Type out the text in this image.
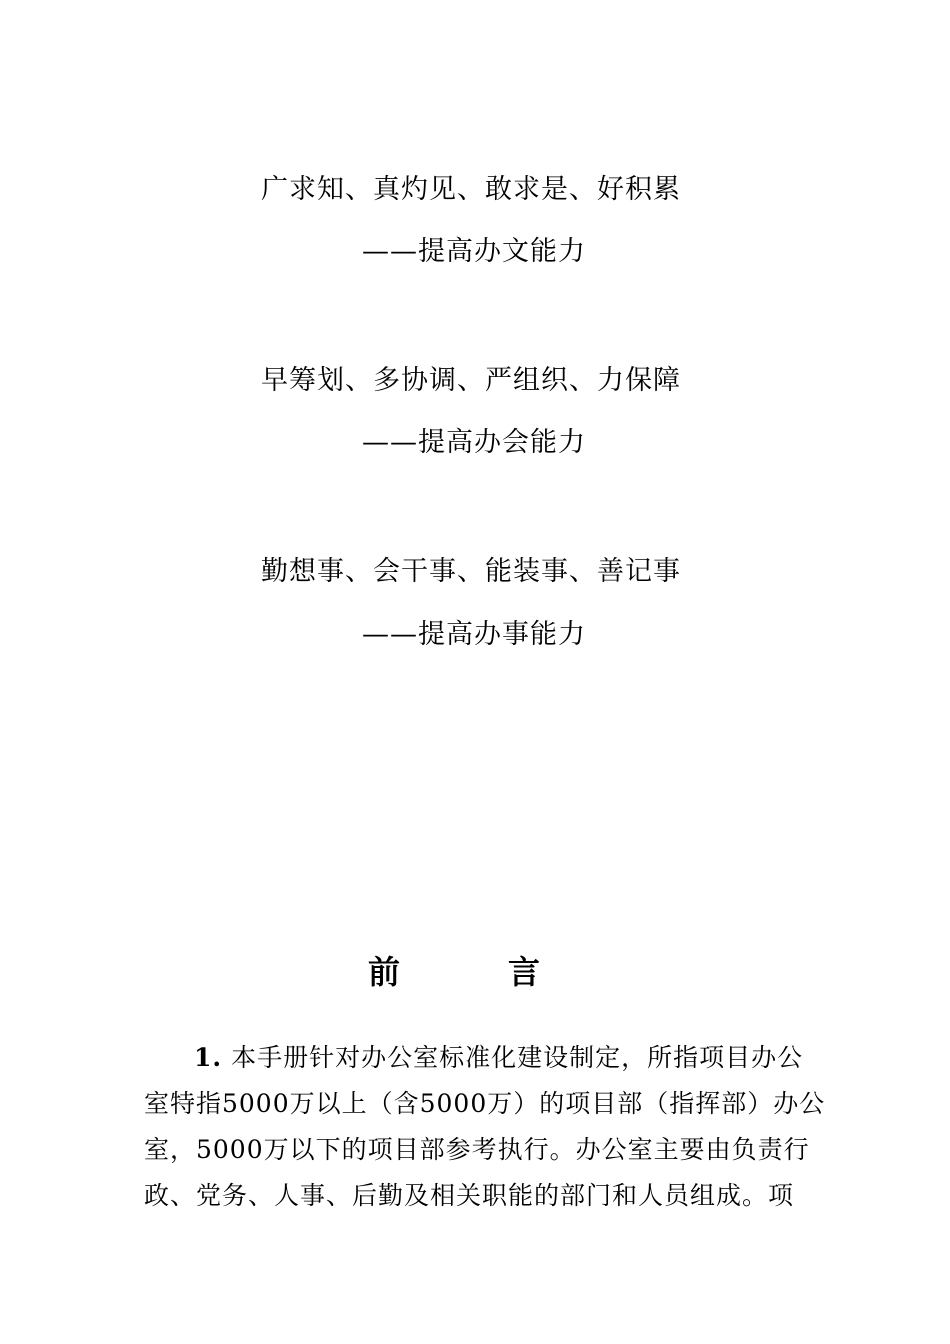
广求知、真灼见、敢求是、好积累
——提高办文能力
早筹划、多协调、严组织、力保障
——提高办会能力
勤想事、会干事、能装事、善记事
——提高办事能力
前	言
1. 本手册针对办公室标准化建设制定，所指项目办公
室特指5000万以上（含5000万）的项目部（指挥部）办公
室，5000万以下的项目部参考执行。办公室主要由负责行
政、党务、人事、后勤及相关职能的部门和人员组成。项
